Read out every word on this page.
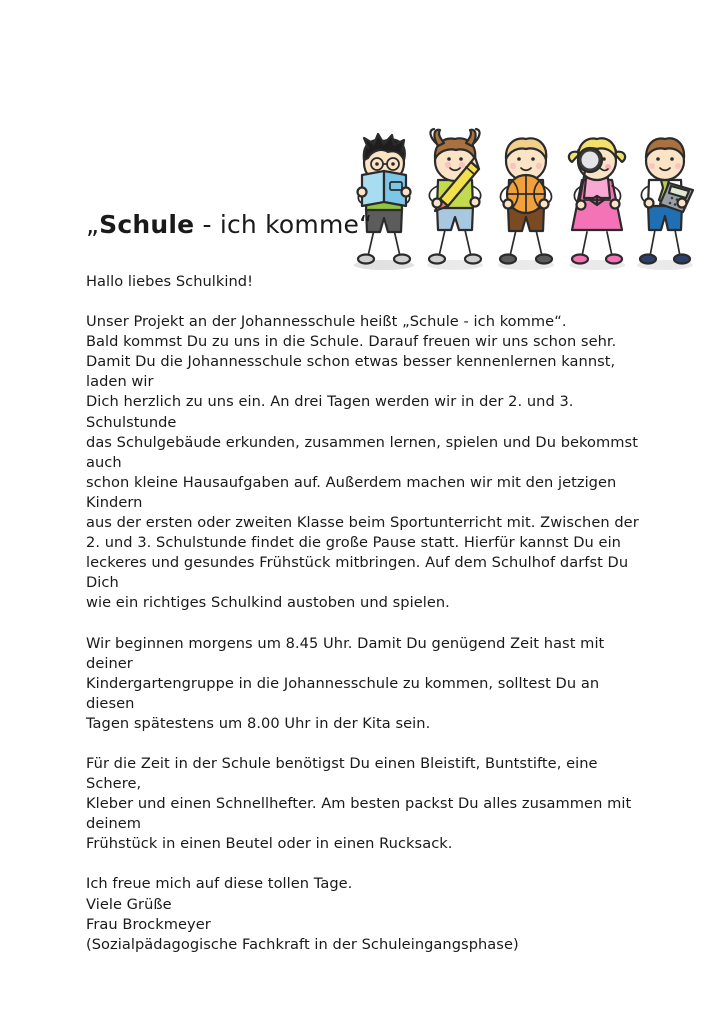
„Schule - ich komme“

Hallo liebes Schulkind!

Unser Projekt an der Johannesschule heißt „Schule - ich komme“.
Bald kommst Du zu uns in die Schule. Darauf freuen wir uns schon sehr.
Damit Du die Johannesschule schon etwas besser kennenlernen kannst, laden wir
Dich herzlich zu uns ein. An drei Tagen werden wir in der 2. und 3. Schulstunde
das Schulgebäude erkunden, zusammen lernen, spielen und Du bekommst auch
schon kleine Hausaufgaben auf. Außerdem machen wir mit den jetzigen Kindern
aus der ersten oder zweiten Klasse beim Sportunterricht mit. Zwischen der
2. und 3. Schulstunde findet die große Pause statt. Hierfür kannst Du ein
leckeres und gesundes Frühstück mitbringen. Auf dem Schulhof darfst Du Dich
wie ein richtiges Schulkind austoben und spielen.

Wir beginnen morgens um 8.45 Uhr. Damit Du genügend Zeit hast mit deiner
Kindergartengruppe in die Johannesschule zu kommen, solltest Du an diesen
Tagen spätestens um 8.00 Uhr in der Kita sein.

Für die Zeit in der Schule benötigst Du einen Bleistift, Buntstifte, eine Schere,
Kleber und einen Schnellhefter. Am besten packst Du alles zusammen mit deinem
Frühstück in einen Beutel oder in einen Rucksack.

Ich freue mich auf diese tollen Tage.
Viele Grüße
Frau Brockmeyer
(Sozialpädagogische Fachkraft in der Schuleingangsphase)
